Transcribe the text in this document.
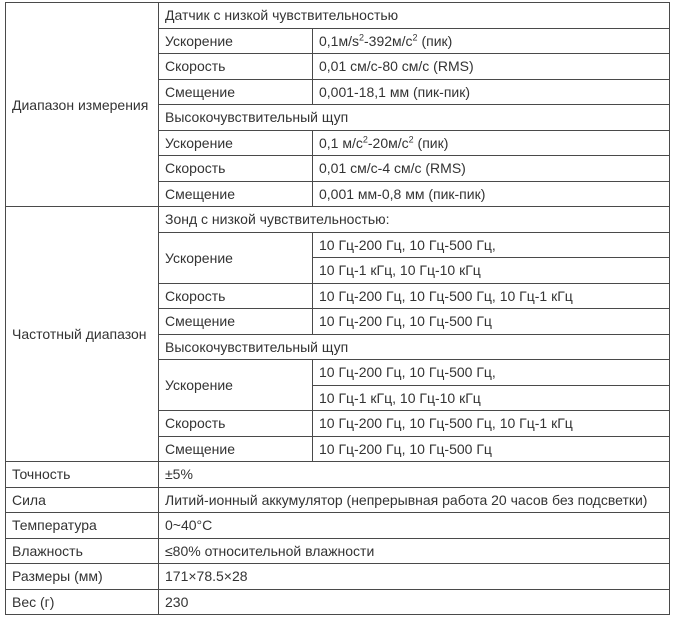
Диапазон измерения	Датчик с низкой чувствительностью	
	Ускорение	$0,1м/s^2-392м/с^2$ (пик)
	Скорость	0,01 см/с-80 см/с (RMS)
	Смещение	0,001-18,1 мм (пик-пик)
	Высокочувствительный щуп	
	Ускорение	0,1 $м/с^2-20м/с^2$ (пик)
	Скорость	0,01 см/с-4 см/с (RMS)
	Смещение	0,001 мм-0,8 мм (пик-пик)
Частотный диапазон	Зонд с низкой чувствительностью:	
	Ускорение	10 Гц-200 Гц, 10 Гц-500 Гц,
		10 Гц-1 кГц, 10 Гц-10 кГц
	Скорость	10 Гц-200 Гц, 10 Гц-500 Гц, 10 Гц-1 кГц
	Смещение	10 Гц-200 Гц, 10 Гц-500 Гц
	Высокочувствительный щуп	
	Ускорение	10 Гц-200 Гц, 10 Гц-500 Гц,
		10 Гц-1 кГц, 10 Гц-10 кГц
	Скорость	10 Гц-200 Гц, 10 Гц-500 Гц, 10 Гц-1 кГц
	Смещение	10 Гц-200 Гц, 10 Гц-500 Гц
Точность	±5%	
Сила	Литий-ионный аккумулятор (непрерывная работа 20 часов без подсветки)	
Температура	0~40°C	
Влажность	≤80% относительной влажности	
Размеры (мм)	171×78.5×28	
Вес (г)	230	
